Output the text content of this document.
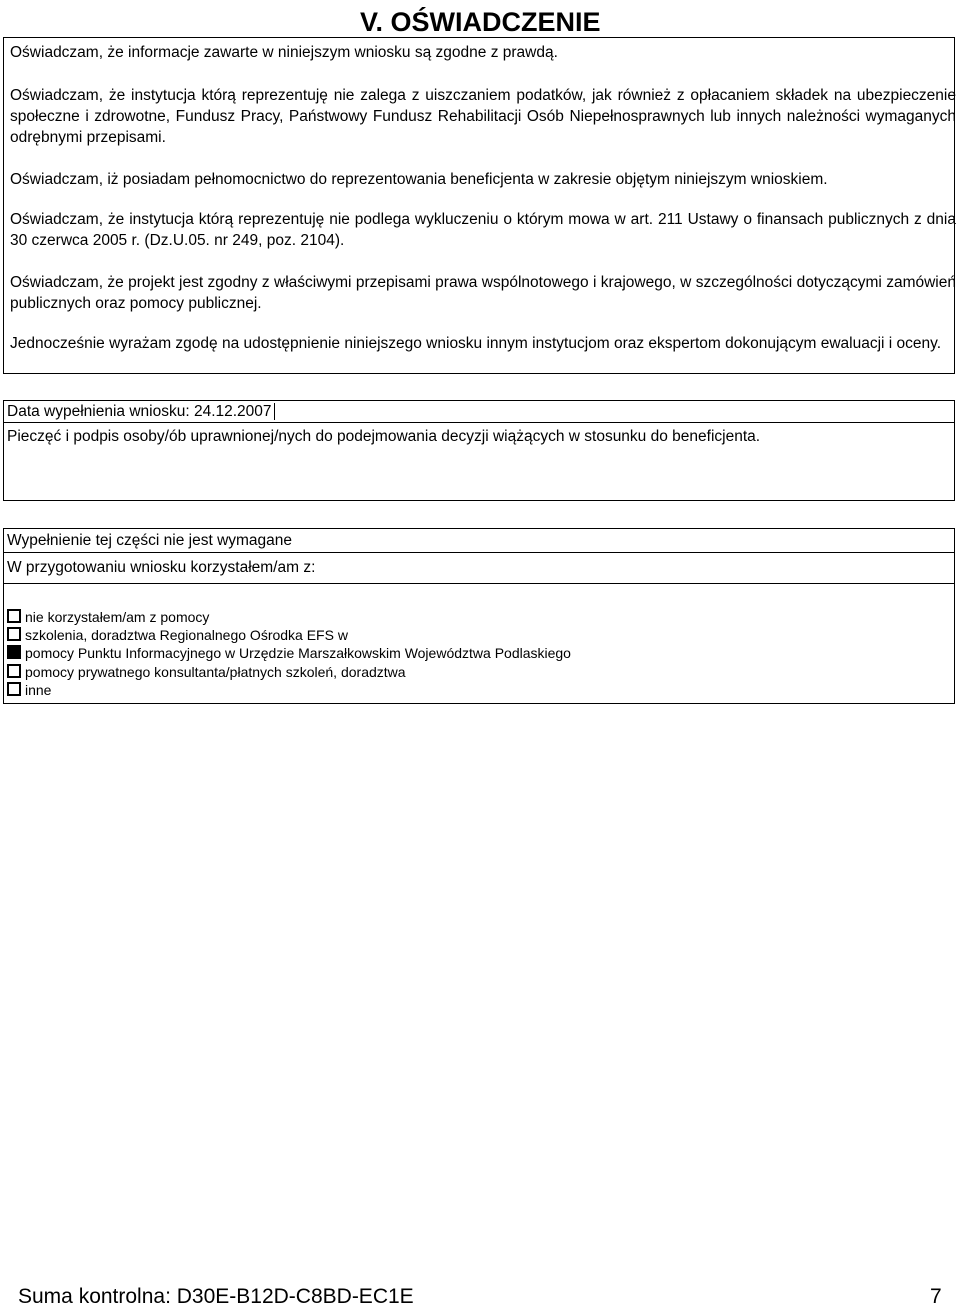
V. OŚWIADCZENIE

Oświadczam, że informacje zawarte w niniejszym wniosku są zgodne z prawdą.

Oświadczam, że instytucja którą reprezentuję nie zalega z uiszczaniem podatków, jak również z opłacaniem składek na ubezpieczenie społeczne i zdrowotne, Fundusz Pracy, Państwowy Fundusz Rehabilitacji Osób Niepełnosprawnych lub innych należności wymaganych odrębnymi przepisami.

Oświadczam, iż posiadam pełnomocnictwo do reprezentowania beneficjenta w zakresie objętym niniejszym wnioskiem.

Oświadczam, że instytucja którą reprezentuję nie podlega wykluczeniu o którym mowa w art. 211 Ustawy o finansach publicznych z dnia 30 czerwca 2005 r. (Dz.U.05. nr 249, poz. 2104).

Oświadczam, że projekt jest zgodny z właściwymi przepisami prawa wspólnotowego i krajowego, w szczególności dotyczącymi zamówień publicznych oraz pomocy publicznej.

Jednocześnie wyrażam zgodę na udostępnienie niniejszego wniosku innym instytucjom oraz ekspertom dokonującym ewaluacji i oceny.

Data wypełnienia wniosku: 24.12.2007
Pieczęć i podpis osoby/ób uprawnionej/nych do podejmowania decyzji wiążących w stosunku do beneficjenta.
Wypełnienie tej części nie jest wymagane
W przygotowaniu wniosku korzystałem/am z:
nie korzystałem/am z pomocy
szkolenia, doradztwa Regionalnego Ośrodka EFS w
pomocy Punktu Informacyjnego w Urzędzie Marszałkowskim Województwa Podlaskiego
pomocy prywatnego konsultanta/płatnych szkoleń, doradztwa
inne
Suma kontrolna: D30E-B12D-C8BD-EC1E	7
